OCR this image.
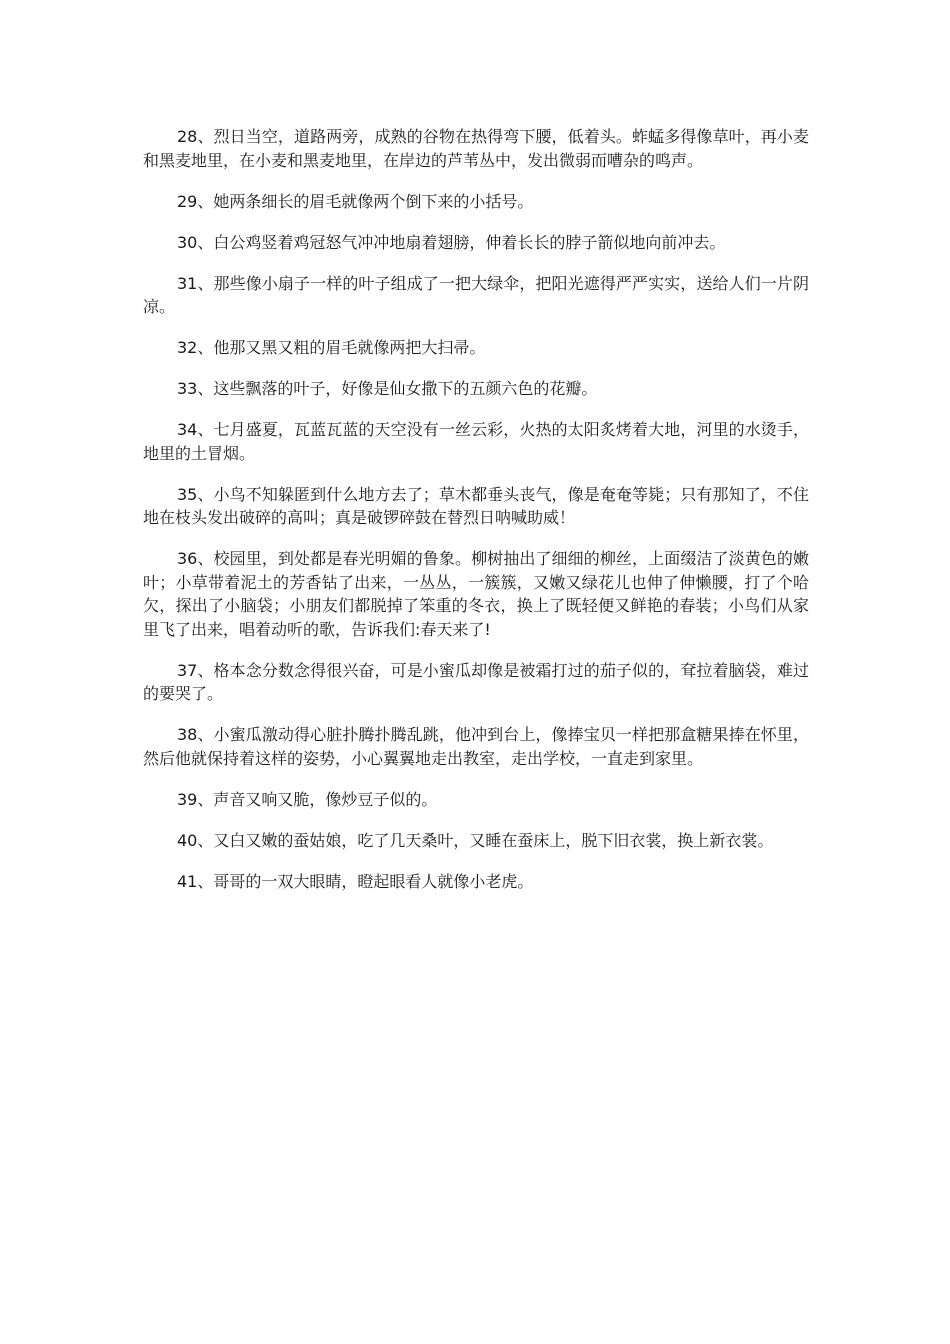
28、烈日当空，道路两旁，成熟的谷物在热得弯下腰，低着头。蚱蜢多得像草叶，再小麦和黑麦地里，在小麦和黑麦地里，在岸边的芦苇丛中，发出微弱而嘈杂的鸣声。

29、她两条细长的眉毛就像两个倒下来的小括号。

30、白公鸡竖着鸡冠怒气冲冲地扇着翅膀，伸着长长的脖子箭似地向前冲去。

31、那些像小扇子一样的叶子组成了一把大绿伞，把阳光遮得严严实实，送给人们一片阴凉。

32、他那又黑又粗的眉毛就像两把大扫帚。

33、这些飘落的叶子，好像是仙女撒下的五颜六色的花瓣。

34、七月盛夏，瓦蓝瓦蓝的天空没有一丝云彩，火热的太阳炙烤着大地，河里的水烫手，地里的土冒烟。

35、小鸟不知躲匿到什么地方去了；草木都垂头丧气，像是奄奄等毙；只有那知了，不住地在枝头发出破碎的高叫；真是破锣碎鼓在替烈日呐喊助威！

36、校园里，到处都是春光明媚的鲁象。柳树抽出了细细的柳丝，上面缀洁了淡黄色的嫩叶；小草带着泥土的芳香钻了出来，一丛丛，一簇簇，又嫩又绿花儿也伸了伸懒腰，打了个哈欠，探出了小脑袋；小朋友们都脱掉了笨重的冬衣，换上了既轻便又鲜艳的春装；小鸟们从家里飞了出来，唱着动听的歌，告诉我们:春天来了!

37、格本念分数念得很兴奋，可是小蜜瓜却像是被霜打过的茄子似的，耷拉着脑袋，难过的要哭了。

38、小蜜瓜激动得心脏扑腾扑腾乱跳，他冲到台上，像捧宝贝一样把那盒糖果捧在怀里，然后他就保持着这样的姿势，小心翼翼地走出教室，走出学校，一直走到家里。

39、声音又响又脆，像炒豆子似的。

40、又白又嫩的蚕姑娘，吃了几天桑叶，又睡在蚕床上，脱下旧衣裳，换上新衣裳。

41、哥哥的一双大眼睛，瞪起眼看人就像小老虎。
